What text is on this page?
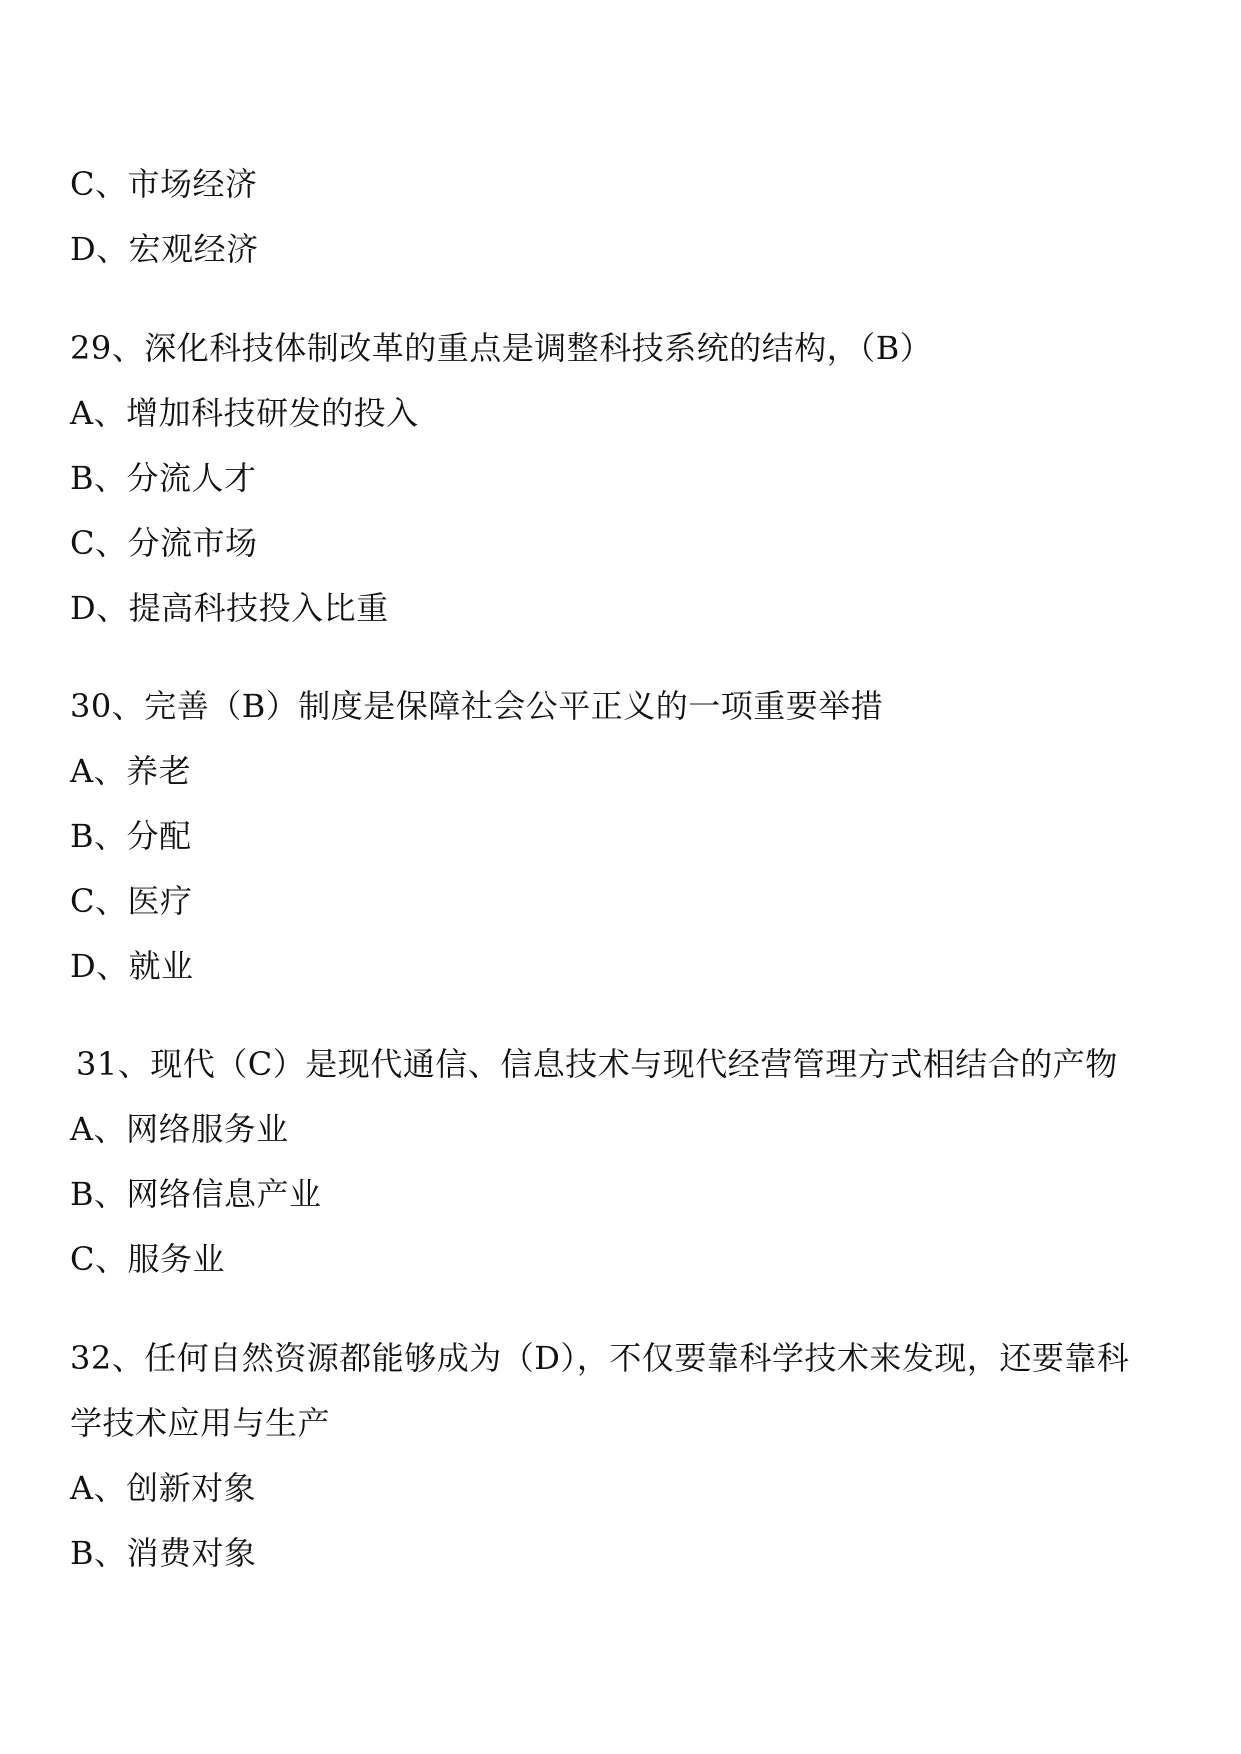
C、市场经济
D、宏观经济
29、深化科技体制改革的重点是调整科技系统的结构，（B）
A、增加科技研发的投入
B、分流人才
C、分流市场
D、提高科技投入比重
30、完善（B）制度是保障社会公平正义的一项重要举措
A、养老
B、分配
C、医疗
D、就业
31、现代（C）是现代通信、信息技术与现代经营管理方式相结合的产物
A、网络服务业
B、网络信息产业
C、服务业
32、任何自然资源都能够成为（D），不仅要靠科学技术来发现，还要靠科
学技术应用与生产
A、创新对象
B、消费对象
